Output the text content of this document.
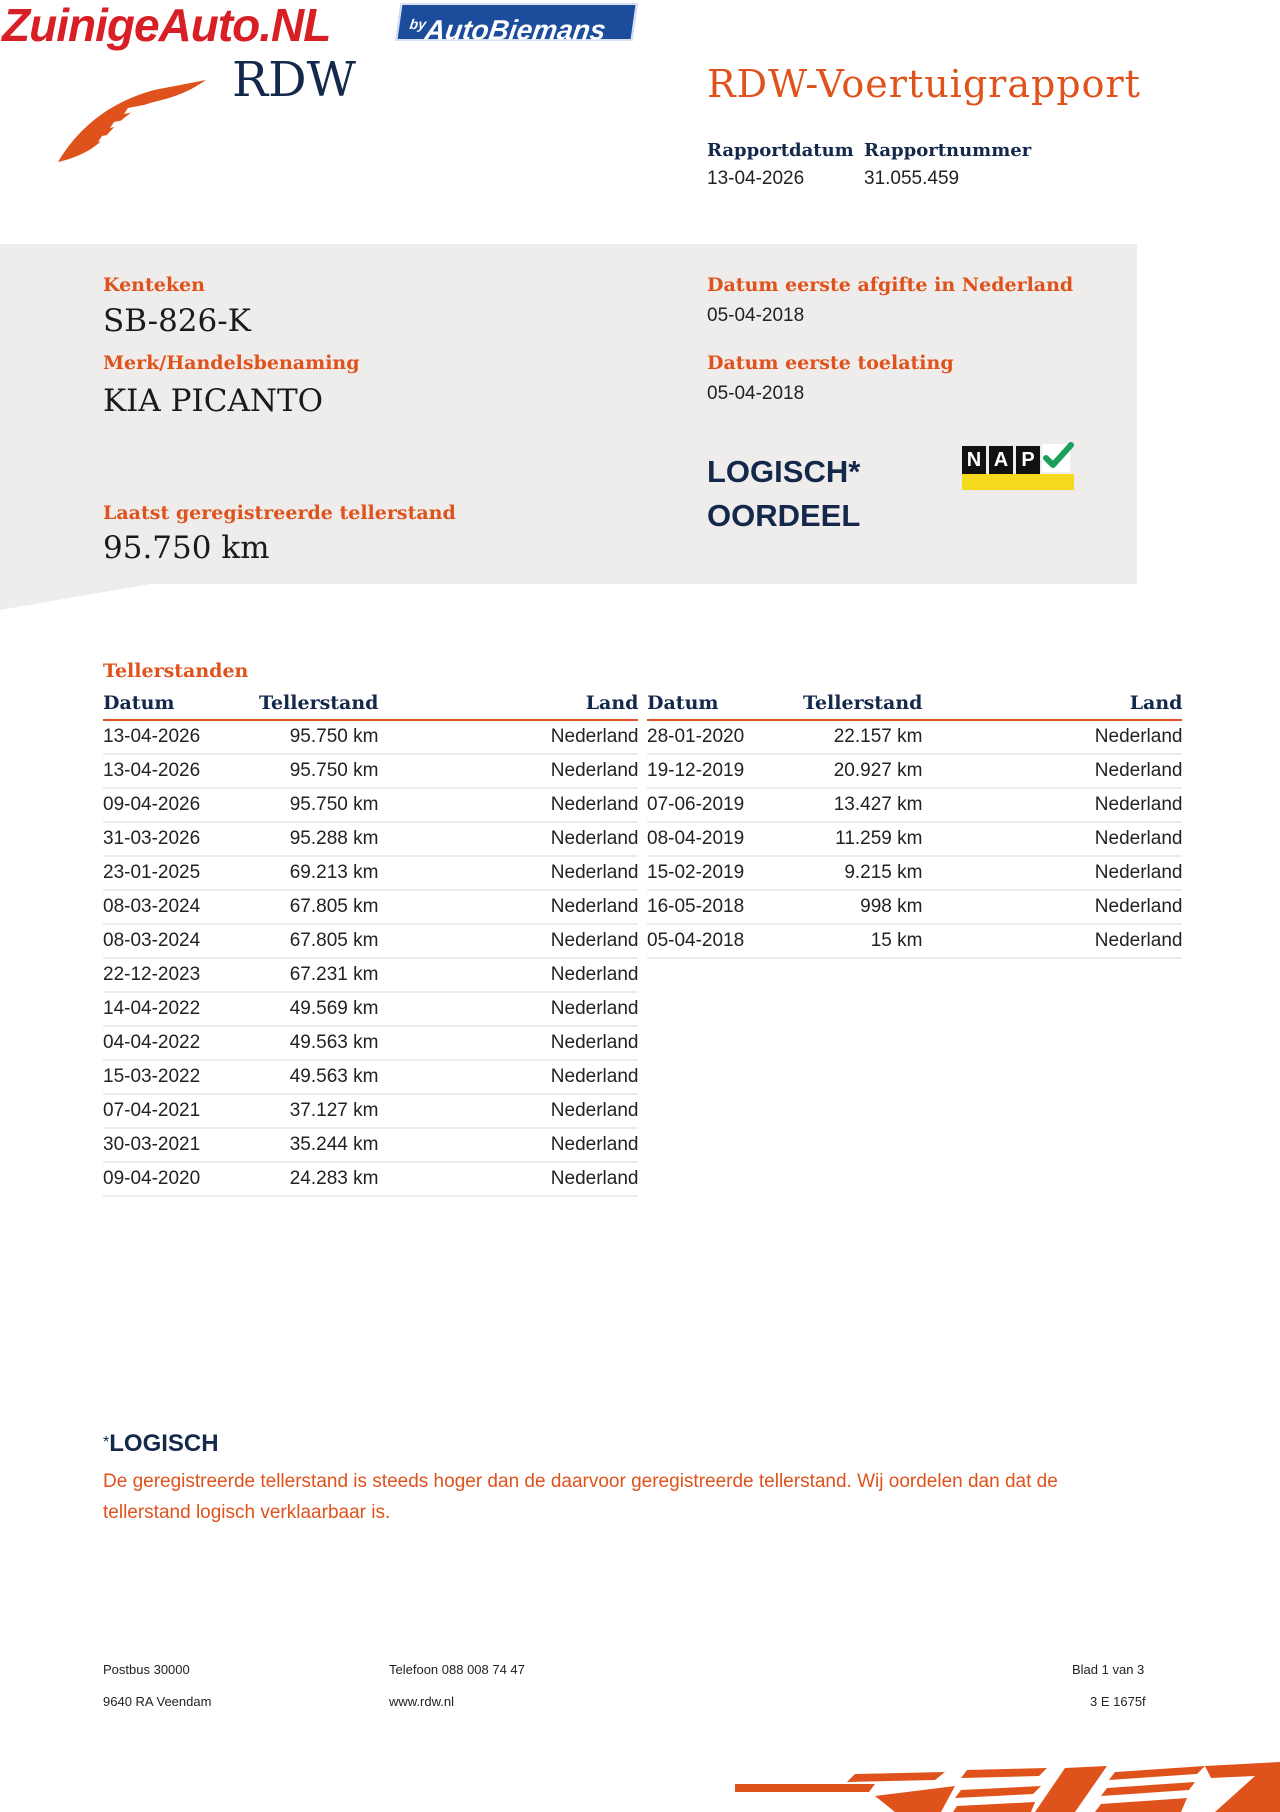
ZuinigeAuto.NL	$^{by}$AutoBiemans
RDW	RDW-Voertuigrapport
Rapportdatum
13-04-2026
Rapportnummer
31.055.459
Kenteken
SB-826-K
Merk/Handelsbenaming
KIA PICANTO
Laatst geregistreerde tellerstand
95.750 km
Datum eerste afgifte in Nederland
05-04-2018
Datum eerste toelating
05-04-2018
LOGISCH*
OORDEEL
N A P
Tellerstanden
Datum	Tellerstand	Land
13-04-2026	95.750 km	Nederland
13-04-2026	95.750 km	Nederland
09-04-2026	95.750 km	Nederland
31-03-2026	95.288 km	Nederland
23-01-2025	69.213 km	Nederland
08-03-2024	67.805 km	Nederland
08-03-2024	67.805 km	Nederland
22-12-2023	67.231 km	Nederland
14-04-2022	49.569 km	Nederland
04-04-2022	49.563 km	Nederland
15-03-2022	49.563 km	Nederland
07-04-2021	37.127 km	Nederland
30-03-2021	35.244 km	Nederland
09-04-2020	24.283 km	Nederland
Datum	Tellerstand	Land
28-01-2020	22.157 km	Nederland
19-12-2019	20.927 km	Nederland
07-06-2019	13.427 km	Nederland
08-04-2019	11.259 km	Nederland
15-02-2019	9.215 km	Nederland
16-05-2018	998 km	Nederland
05-04-2018	15 km	Nederland
*LOGISCH
De geregistreerde tellerstand is steeds hoger dan de daarvoor geregistreerde tellerstand. Wij oordelen dan dat de tellerstand logisch verklaarbaar is.
Postbus 30000
9640 RA Veendam
Telefoon 088 008 74 47
www.rdw.nl
Blad 1 van 3
3 E 1675f
